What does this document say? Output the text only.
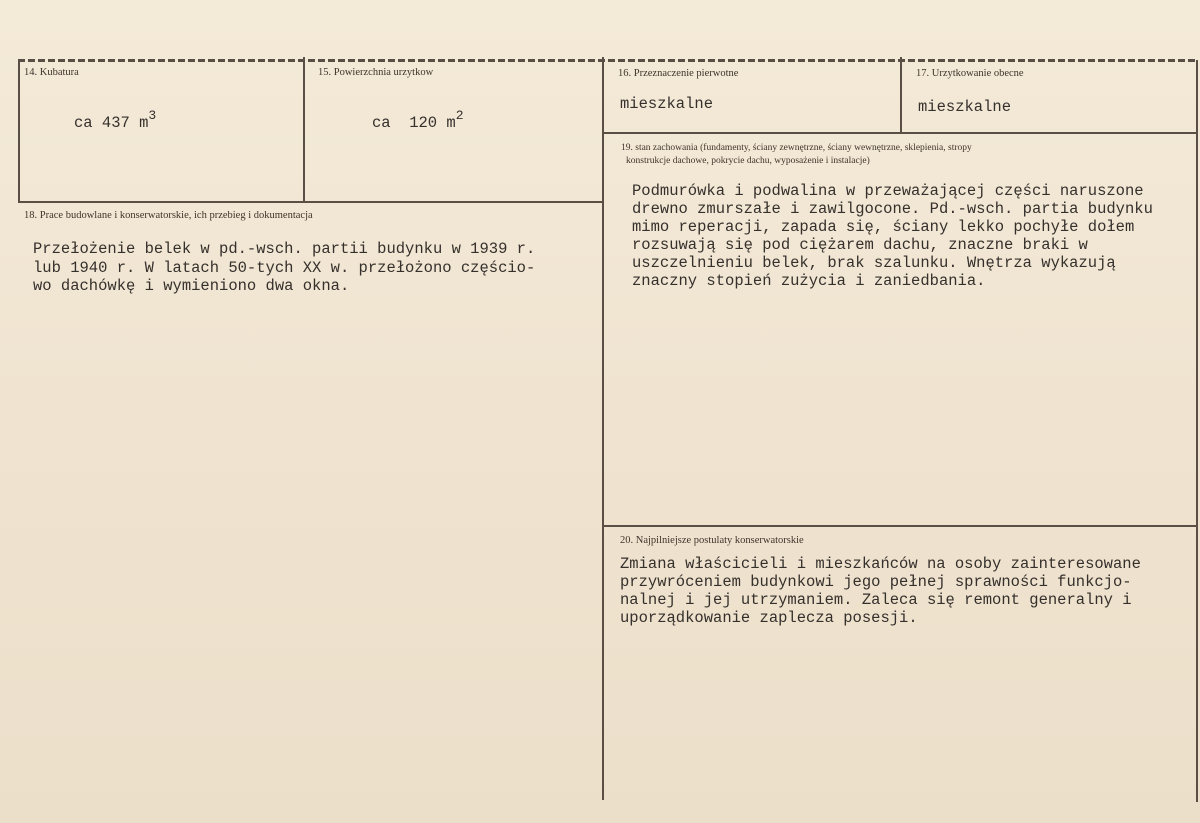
14. Kubatura
ca 437 $m^3$
15. Powierzchnia urzytkow
ca  120 $m^2$
16. Przeznaczenie pierwotne
mieszkalne
17. Urzytkowanie obecne
mieszkalne
18. Prace budowlane i konserwatorskie, ich przebieg i dokumentacja
Przełożenie belek w pd.-wsch. partii budynku w 1939 r.
lub 1940 r. W latach 50-tych XX w. przełożono częścio-
wo dachówkę i wymieniono dwa okna.
19. stan zachowania (fundamenty, ściany zewnętrzne, ściany wewnętrzne, sklepienia, stropy
konstrukcje dachowe, pokrycie dachu, wyposażenie i instalacje)
Podmurówka i podwalina w przeważającej części naruszone
drewno zmurszałe i zawilgocone. Pd.-wsch. partia budynku
mimo reperacji, zapada się, ściany lekko pochyłe dołem
rozsuwają się pod ciężarem dachu, znaczne braki w
uszczelnieniu belek, brak szalunku. Wnętrza wykazują
znaczny stopień zużycia i zaniedbania.
20. Najpilniejsze postulaty konserwatorskie
Zmiana właścicieli i mieszkańców na osoby zainteresowane
przywróceniem budynkowi jego pełnej sprawności funkcjo-
nalnej i jej utrzymaniem. Zaleca się remont generalny i
uporządkowanie zaplecza posesji.
